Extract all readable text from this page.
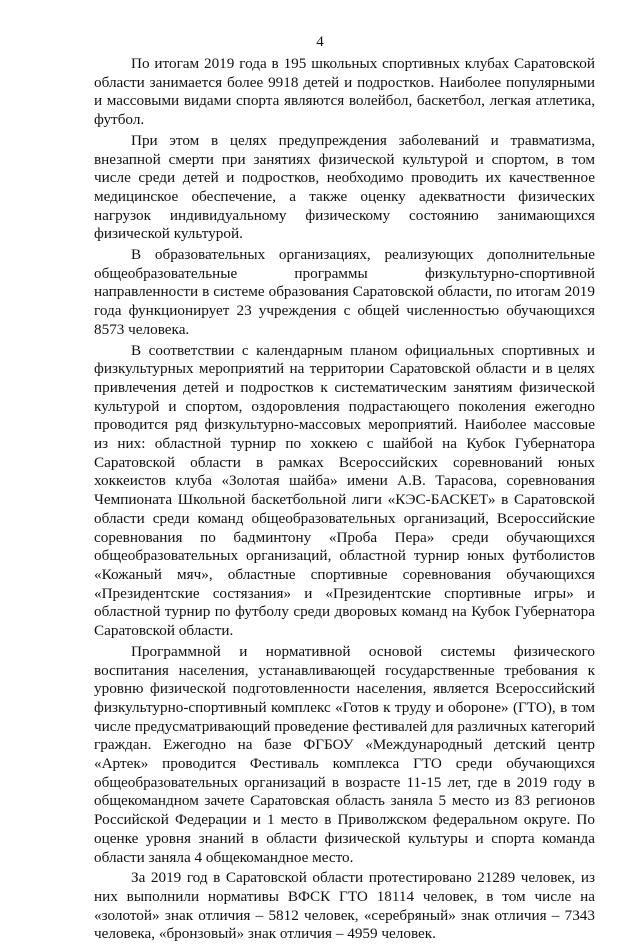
4

По итогам 2019 года в 195 школьных спортивных клубах Саратовской области занимается более 9918 детей и подростков. Наиболее популярными и массовыми видами спорта являются волейбол, баскетбол, легкая атлетика, футбол.

При этом в целях предупреждения заболеваний и травматизма, внезапной смерти при занятиях физической культурой и спортом, в том числе среди детей и подростков, необходимо проводить их качественное медицинское обеспечение, а также оценку адекватности физических нагрузок индивидуальному физическому состоянию занимающихся физической культурой.

В образовательных организациях, реализующих дополнительные общеобразовательные программы физкультурно-спортивной направленности в системе образования Саратовской области, по итогам 2019 года функционирует 23 учреждения с общей численностью обучающихся 8573 человека.

В соответствии с календарным планом официальных спортивных и физкультурных мероприятий на территории Саратовской области и в целях привлечения детей и подростков к систематическим занятиям физической культурой и спортом, оздоровления подрастающего поколения ежегодно проводится ряд физкультурно-массовых мероприятий. Наиболее массовые из них: областной турнир по хоккею с шайбой на Кубок Губернатора Саратовской области в рамках Всероссийских соревнований юных хоккеистов клуба «Золотая шайба» имени А.В. Тарасова, соревнования Чемпионата Школьной баскетбольной лиги «КЭС-БАСКЕТ» в Саратовской области среди команд общеобразовательных организаций, Всероссийские соревнования по бадминтону «Проба Пера» среди обучающихся общеобразовательных организаций, областной турнир юных футболистов «Кожаный мяч», областные спортивные соревнования обучающихся «Президентские состязания» и «Президентские спортивные игры» и областной турнир по футболу среди дворовых команд на Кубок Губернатора Саратовской области.

Программной и нормативной основой системы физического воспитания населения, устанавливающей государственные требования к уровню физической подготовленности населения, является Всероссийский физкультурно-спортивный комплекс «Готов к труду и обороне» (ГТО), в том числе предусматривающий проведение фестивалей для различных категорий граждан. Ежегодно на базе ФГБОУ «Международный детский центр «Артек» проводится Фестиваль комплекса ГТО среди обучающихся общеобразовательных организаций в возрасте 11-15 лет, где в 2019 году в общекомандном зачете Саратовская область заняла 5 место из 83 регионов Российской Федерации и 1 место в Приволжском федеральном округе. По оценке уровня знаний в области физической культуры и спорта команда области заняла 4 общекомандное место.

За 2019 год в Саратовской области протестировано 21289 человек, из них выполнили нормативы ВФСК ГТО 18114 человек, в том числе на «золотой» знак отличия – 5812 человек, «серебряный» знак отличия – 7343 человека, «бронзовый» знак отличия – 4959 человек.
